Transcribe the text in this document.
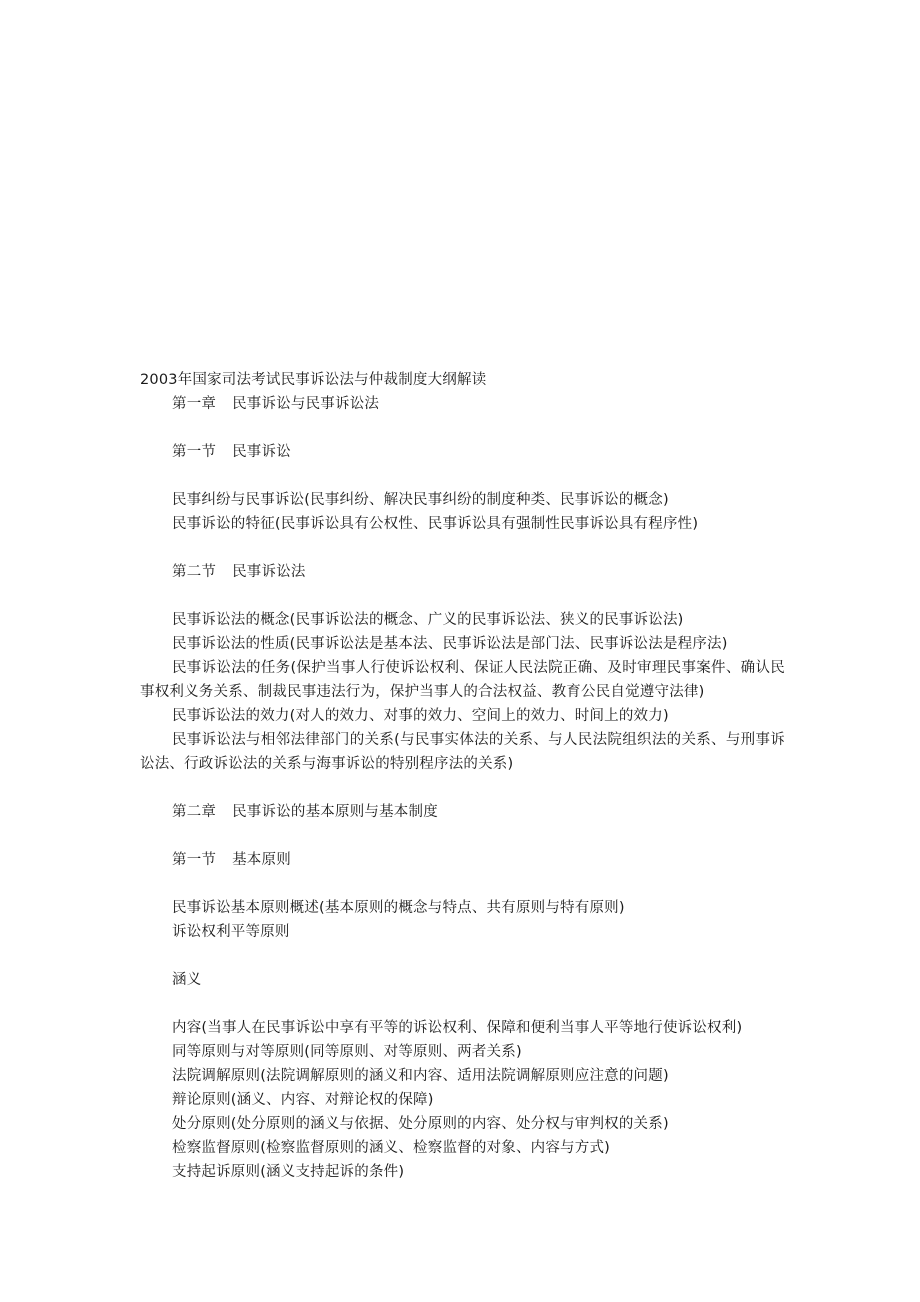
2003年国家司法考试民事诉讼法与仲裁制度大纲解读

第一章 民事诉讼与民事诉讼法

第一节 民事诉讼

民事纠纷与民事诉讼(民事纠纷、解决民事纠纷的制度种类、民事诉讼的概念)

民事诉讼的特征(民事诉讼具有公权性、民事诉讼具有强制性民事诉讼具有程序性)

第二节 民事诉讼法

民事诉讼法的概念(民事诉讼法的概念、广义的民事诉讼法、狭义的民事诉讼法)

民事诉讼法的性质(民事诉讼法是基本法、民事诉讼法是部门法、民事诉讼法是程序法)

民事诉讼法的任务(保护当事人行使诉讼权利、保证人民法院正确、及时审理民事案件、确认民事权利义务关系、制裁民事违法行为，保护当事人的合法权益、教育公民自觉遵守法律)

民事诉讼法的效力(对人的效力、对事的效力、空间上的效力、时间上的效力)

民事诉讼法与相邻法律部门的关系(与民事实体法的关系、与人民法院组织法的关系、与刑事诉讼法、行政诉讼法的关系与海事诉讼的特别程序法的关系)

第二章 民事诉讼的基本原则与基本制度

第一节 基本原则

民事诉讼基本原则概述(基本原则的概念与特点、共有原则与特有原则)

诉讼权利平等原则

涵义

内容(当事人在民事诉讼中享有平等的诉讼权利、保障和便利当事人平等地行使诉讼权利)

同等原则与对等原则(同等原则、对等原则、两者关系)

法院调解原则(法院调解原则的涵义和内容、适用法院调解原则应注意的问题)

辩论原则(涵义、内容、对辩论权的保障)

处分原则(处分原则的涵义与依据、处分原则的内容、处分权与审判权的关系)

检察监督原则(检察监督原则的涵义、检察监督的对象、内容与方式)

支持起诉原则(涵义支持起诉的条件)
